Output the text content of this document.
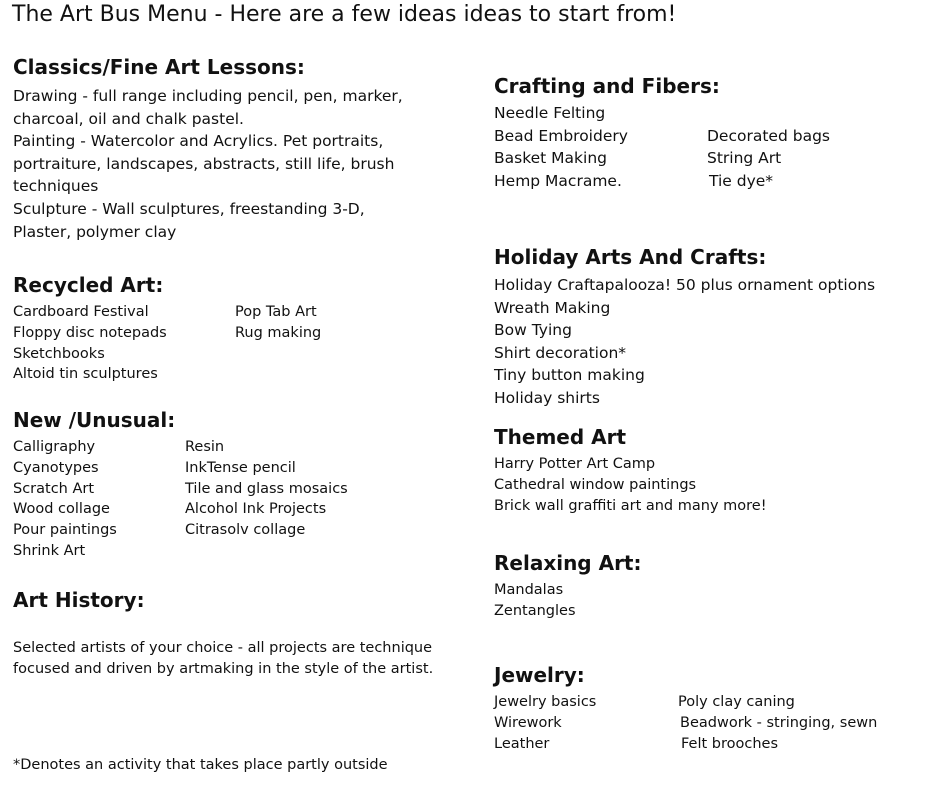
The Art Bus Menu - Here are a few ideas ideas to start from!
Classics/Fine Art Lessons:
Drawing - full range including pencil, pen, marker,
charcoal, oil and chalk pastel.
Painting - Watercolor and Acrylics. Pet portraits,
portraiture, landscapes, abstracts, still life, brush
techniques
Sculpture - Wall sculptures, freestanding 3-D,
Plaster, polymer clay
Recycled Art:
Cardboard Festival
Floppy disc notepads
Sketchbooks
Altoid tin sculptures
Pop Tab Art
Rug making
New /Unusual:
Calligraphy
Cyanotypes
Scratch Art
Wood collage
Pour paintings
Shrink Art
Resin
InkTense pencil
Tile and glass mosaics
Alcohol Ink Projects
Citrasolv collage
Art History:
Selected artists of your choice - all projects are technique
focused and driven by artmaking in the style of the artist.
*Denotes an activity that takes place partly outside
Crafting and Fibers:
Needle Felting
Bead Embroidery
Basket Making
Hemp Macrame.
Decorated bags
String Art
Tie dye*
Holiday Arts And Crafts:
Holiday Craftapalooza! 50 plus ornament options
Wreath Making
Bow Tying
Shirt decoration*
Tiny button making
Holiday shirts
Themed Art
Harry Potter Art Camp
Cathedral window paintings
Brick wall graffiti art and many more!
Relaxing Art:
Mandalas
Zentangles
Jewelry:
Jewelry basics
Wirework
Leather
Poly clay caning
Beadwork - stringing, sewn
Felt brooches
